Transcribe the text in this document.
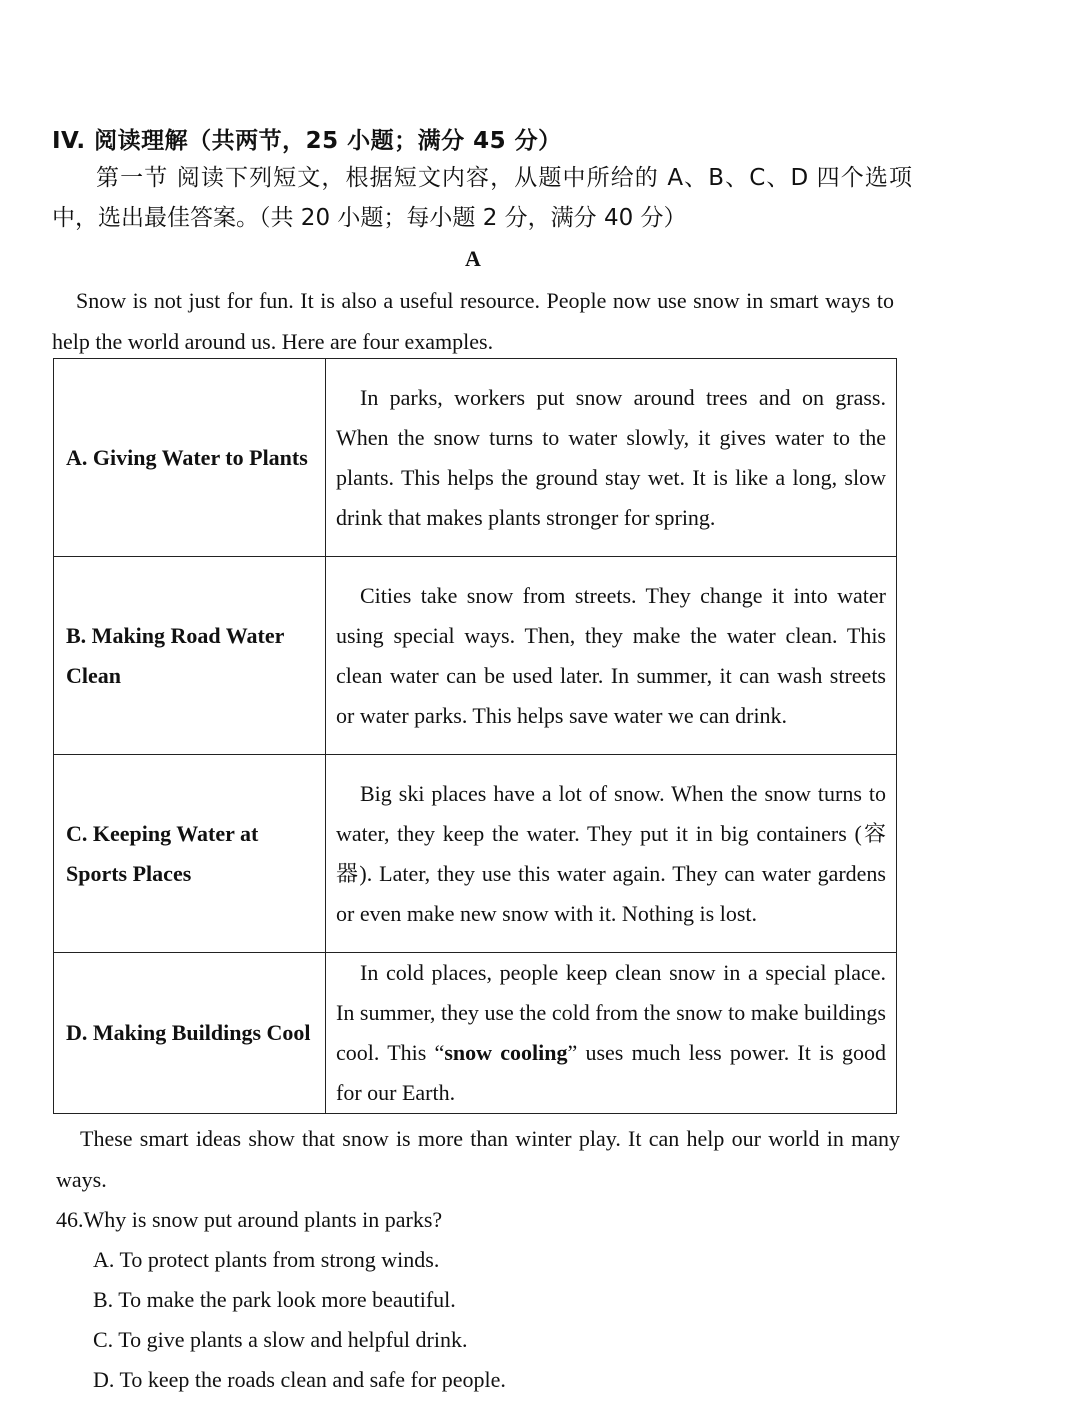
IV. 阅读理解（共两节，25 小题；满分 45 分）
第一节 阅读下列短文，根据短文内容，从题中所给的 A、B、C、D 四个选项中，选出最佳答案。（共 20 小题；每小题 2 分，满分 40 分）
A
Snow is not just for fun. It is also a useful resource. People now use snow in smart ways to help the world around us. Here are four examples.
A. Giving Water to Plants	In parks, workers put snow around trees and on grass. When the snow turns to water slowly, it gives water to the plants. This helps the ground stay wet. It is like a long, slow drink that makes plants stronger for spring.
B. Making Road Water Clean	Cities take snow from streets. They change it into water using special ways. Then, they make the water clean. This clean water can be used later. In summer, it can wash streets or water parks. This helps save water we can drink.
C. Keeping Water at Sports Places	Big ski places have a lot of snow. When the snow turns to water, they keep the water. They put it in big containers (容器). Later, they use this water again. They can water gardens or even make new snow with it. Nothing is lost.
D. Making Buildings Cool	In cold places, people keep clean snow in a special place. In summer, they use the cold from the snow to make buildings cool. This “snow cooling” uses much less power. It is good for our Earth.
These smart ideas show that snow is more than winter play. It can help our world in many ways.
46.Why is snow put around plants in parks?
A. To protect plants from strong winds.
B. To make the park look more beautiful.
C. To give plants a slow and helpful drink.
D. To keep the roads clean and safe for people.
